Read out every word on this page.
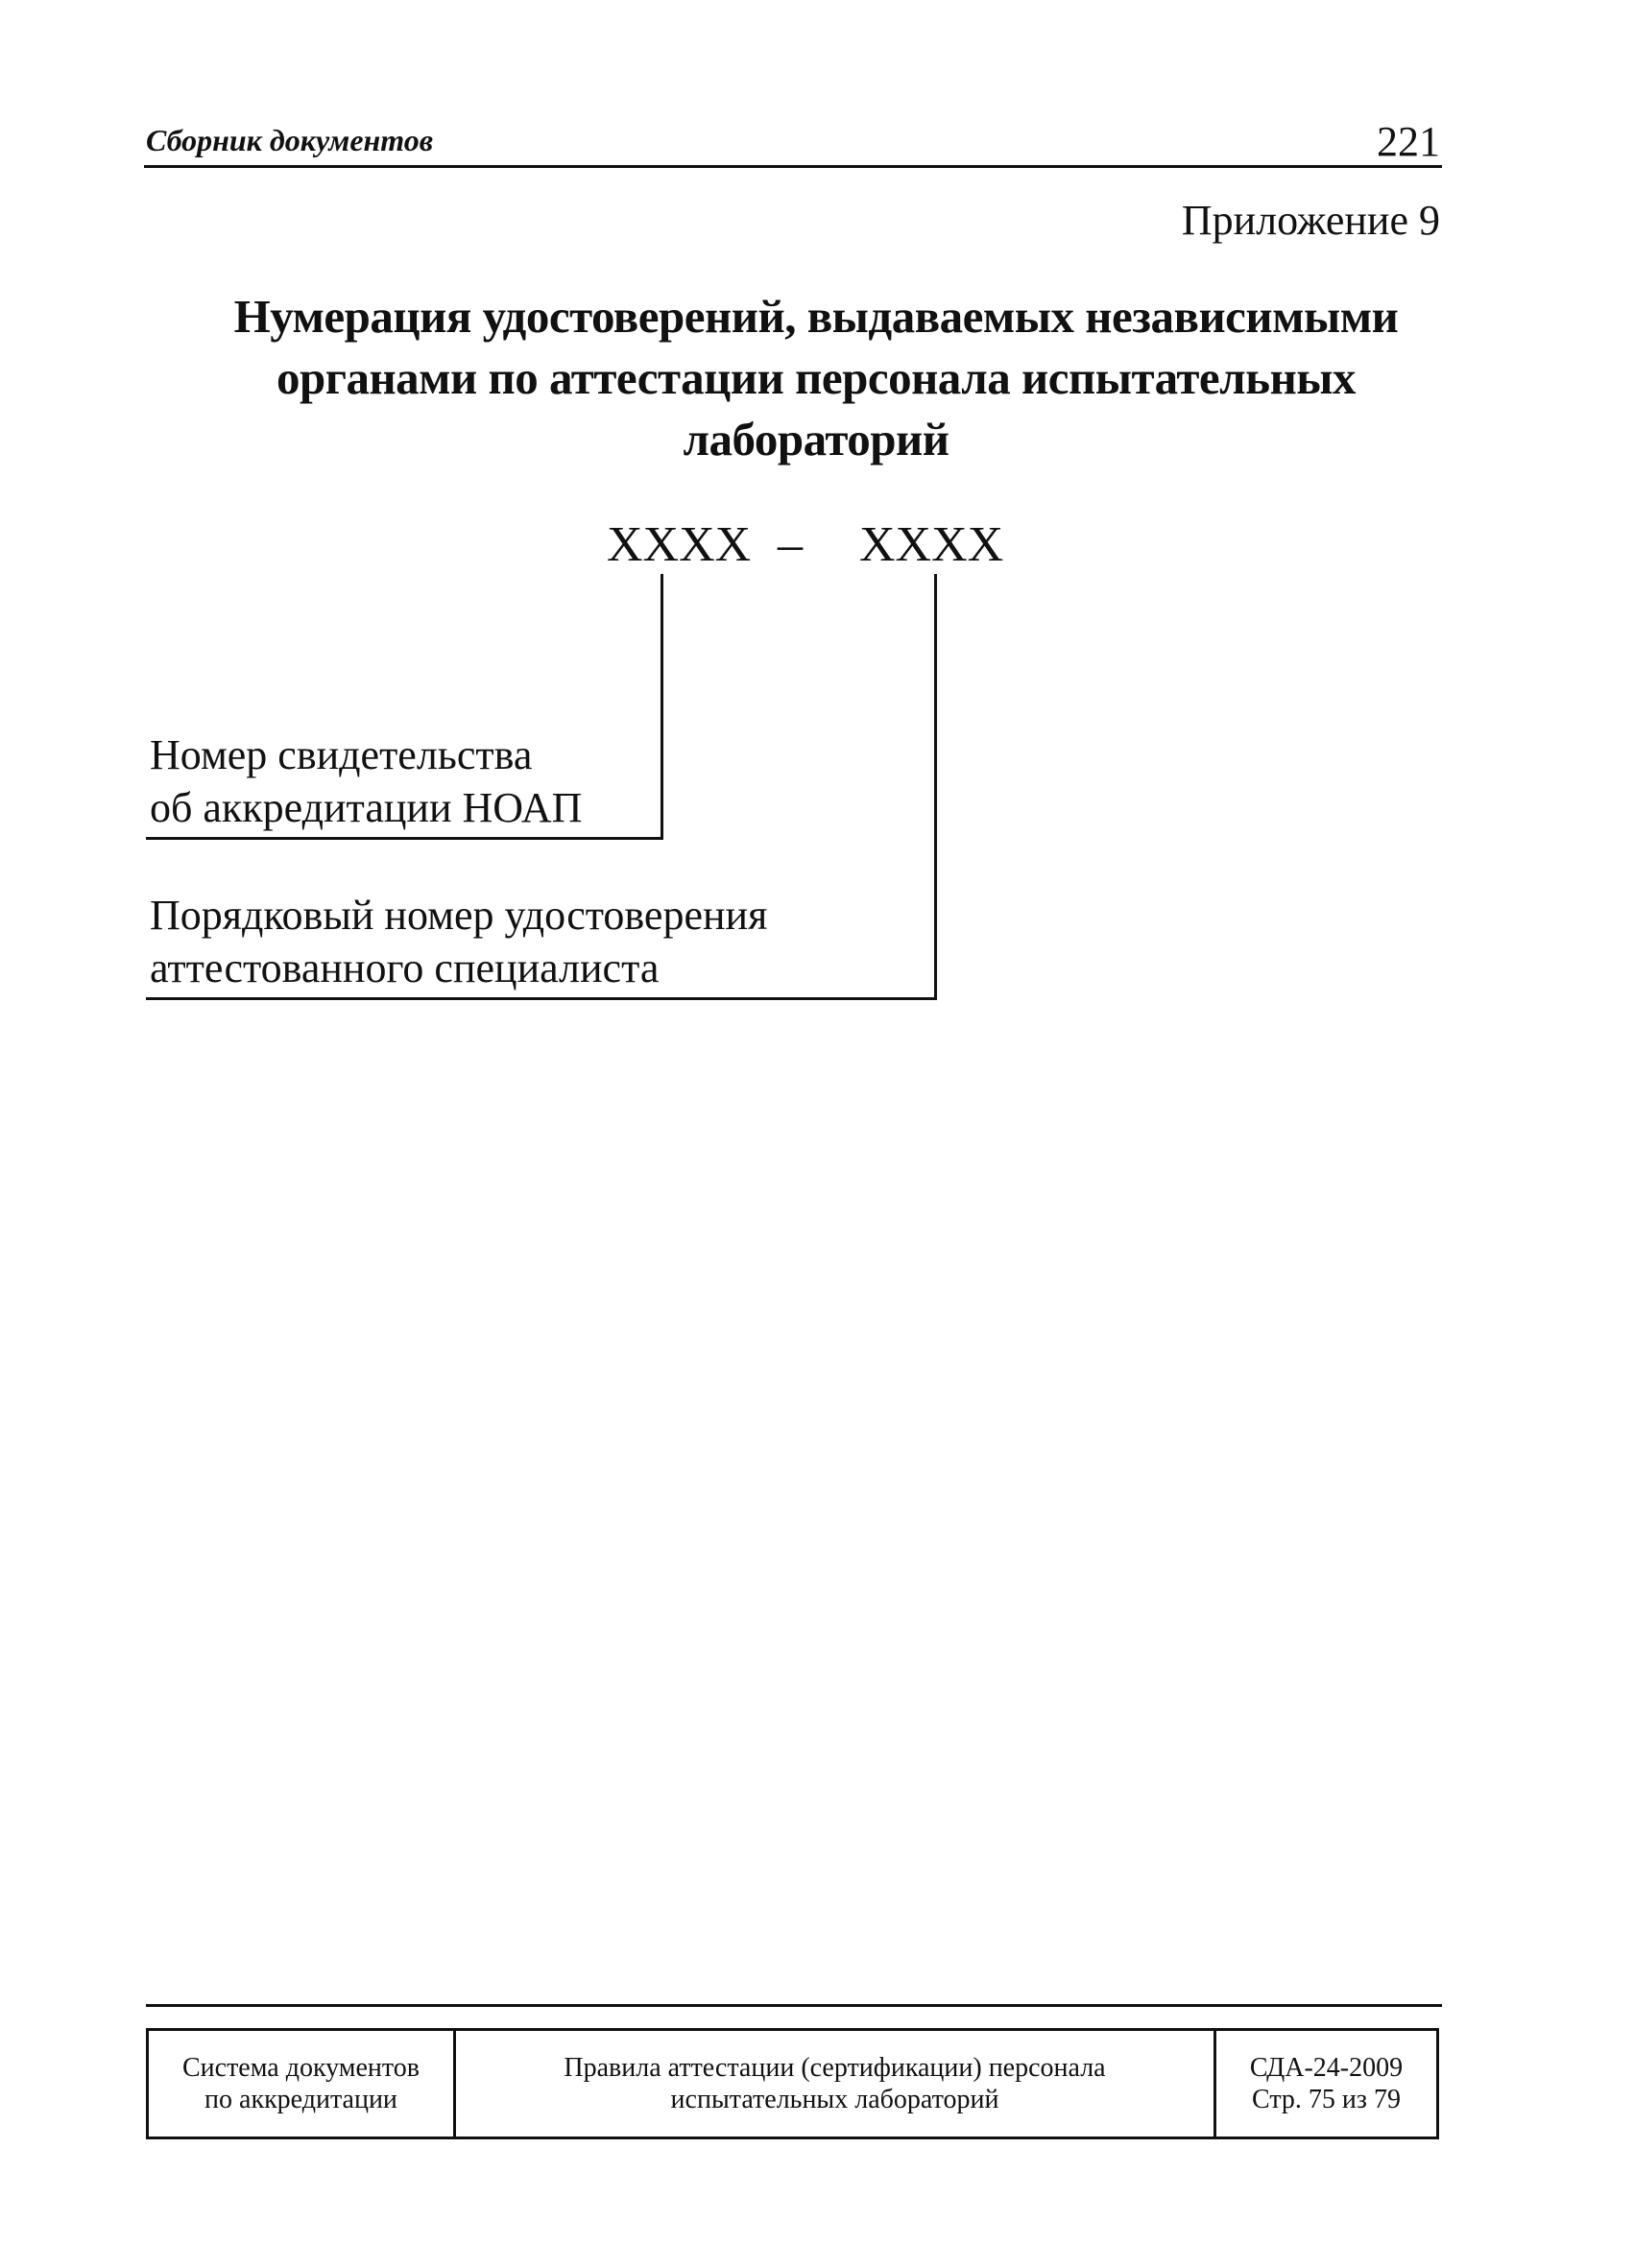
Сборник документов	221
Приложение 9
Нумерация удостоверений, выдаваемых независимыми
органами по аттестации персонала испытательных
лабораторий
XXXX – XXXX
Номер свидетельства
об аккредитации НОАП
Порядковый номер удостоверения
аттестованного специалиста
Система документов
по аккредитации
Правила аттестации (сертификации) персонала
испытательных лабораторий
СДА-24-2009
Стр. 75 из 79
